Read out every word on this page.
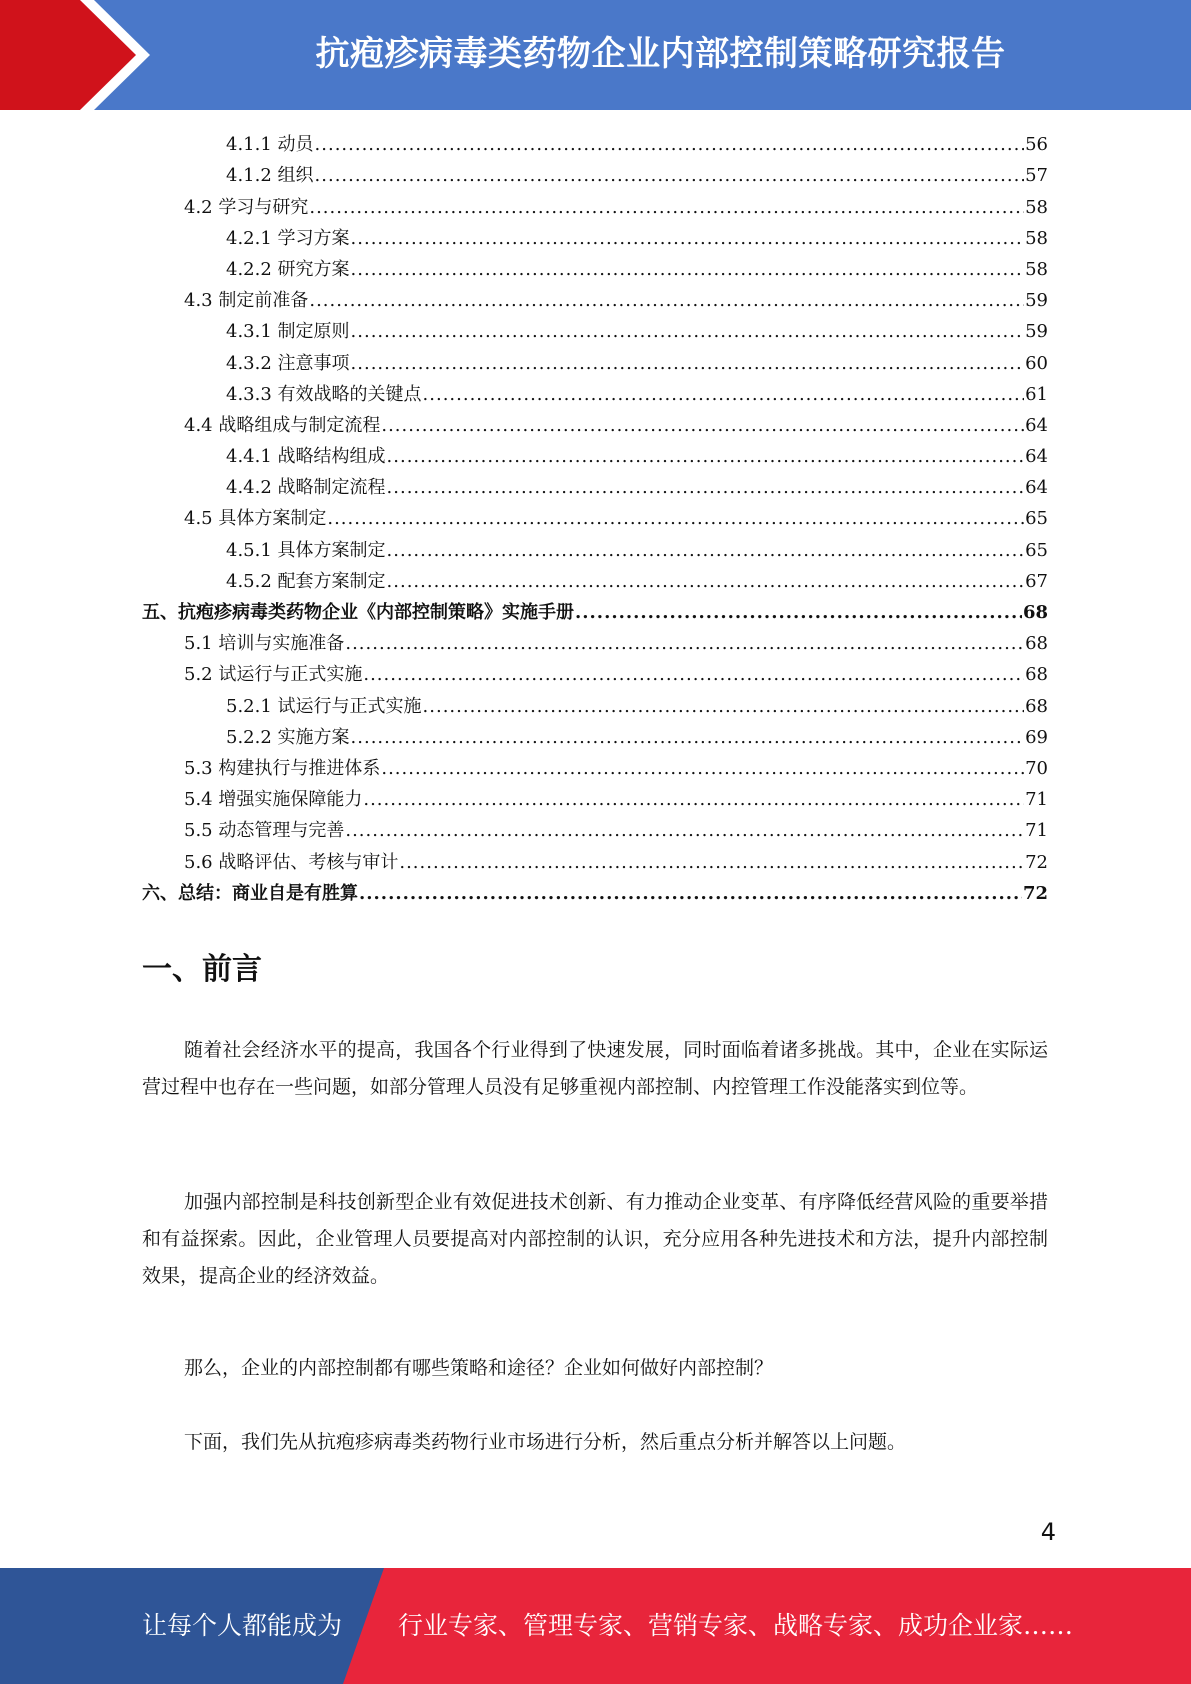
抗疱疹病毒类药物企业内部控制策略研究报告
4.1.1 动员 .....	56
4.1.2 组织 .....	57
4.2 学习与研究 .....	58
4.2.1 学习方案 .....	58
4.2.2 研究方案 .....	58
4.3 制定前准备 .....	59
4.3.1 制定原则 .....	59
4.3.2 注意事项 .....	60
4.3.3 有效战略的关键点 .....	61
4.4 战略组成与制定流程 .....	64
4.4.1 战略结构组成 .....	64
4.4.2 战略制定流程 .....	64
4.5 具体方案制定 .....	65
4.5.1 具体方案制定 .....	65
4.5.2 配套方案制定 .....	67
五、抗疱疹病毒类药物企业《内部控制策略》实施手册 .....	68
5.1 培训与实施准备 .....	68
5.2 试运行与正式实施 .....	68
5.2.1 试运行与正式实施 .....	68
5.2.2 实施方案 .....	69
5.3 构建执行与推进体系 .....	70
5.4 增强实施保障能力 .....	71
5.5 动态管理与完善 .....	71
5.6 战略评估、考核与审计 .....	72
六、总结：商业自是有胜算 .....	72
一、前言

随着社会经济水平的提高，我国各个行业得到了快速发展，同时面临着诸多挑战。其中，企业在实际运营过程中也存在一些问题，如部分管理人员没有足够重视内部控制、内控管理工作没能落实到位等。

加强内部控制是科技创新型企业有效促进技术创新、有力推动企业变革、有序降低经营风险的重要举措和有益探索。因此，企业管理人员要提高对内部控制的认识，充分应用各种先进技术和方法，提升内部控制效果，提高企业的经济效益。

那么，企业的内部控制都有哪些策略和途径？企业如何做好内部控制？

下面，我们先从抗疱疹病毒类药物行业市场进行分析，然后重点分析并解答以上问题。

4
让每个人都能成为 行业专家、管理专家、营销专家、战略专家、成功企业家……
